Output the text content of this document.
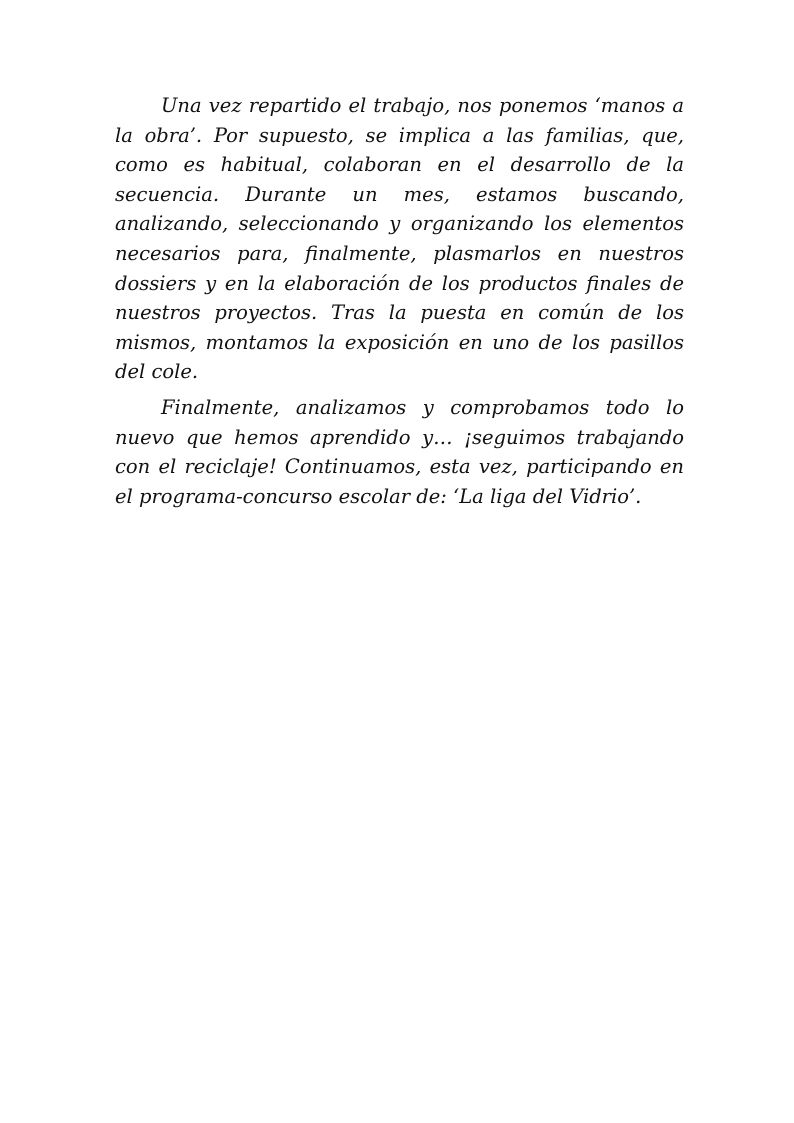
Una vez repartido el trabajo, nos ponemos ‘manos a la obra’. Por supuesto, se implica a las familias, que, como es habitual, colaboran en el desarrollo de la secuencia. Durante un mes, estamos buscando, analizando, seleccionando y organizando los elementos necesarios para, finalmente, plasmarlos en nuestros dossiers y en la elaboración de los productos finales de nuestros proyectos. Tras la puesta en común de los mismos, montamos la exposición en uno de los pasillos del cole.

Finalmente, analizamos y comprobamos todo lo nuevo que hemos aprendido y… ¡seguimos trabajando con el reciclaje! Continuamos, esta vez, participando en el programa-concurso escolar de: ‘La liga del Vidrio’.
